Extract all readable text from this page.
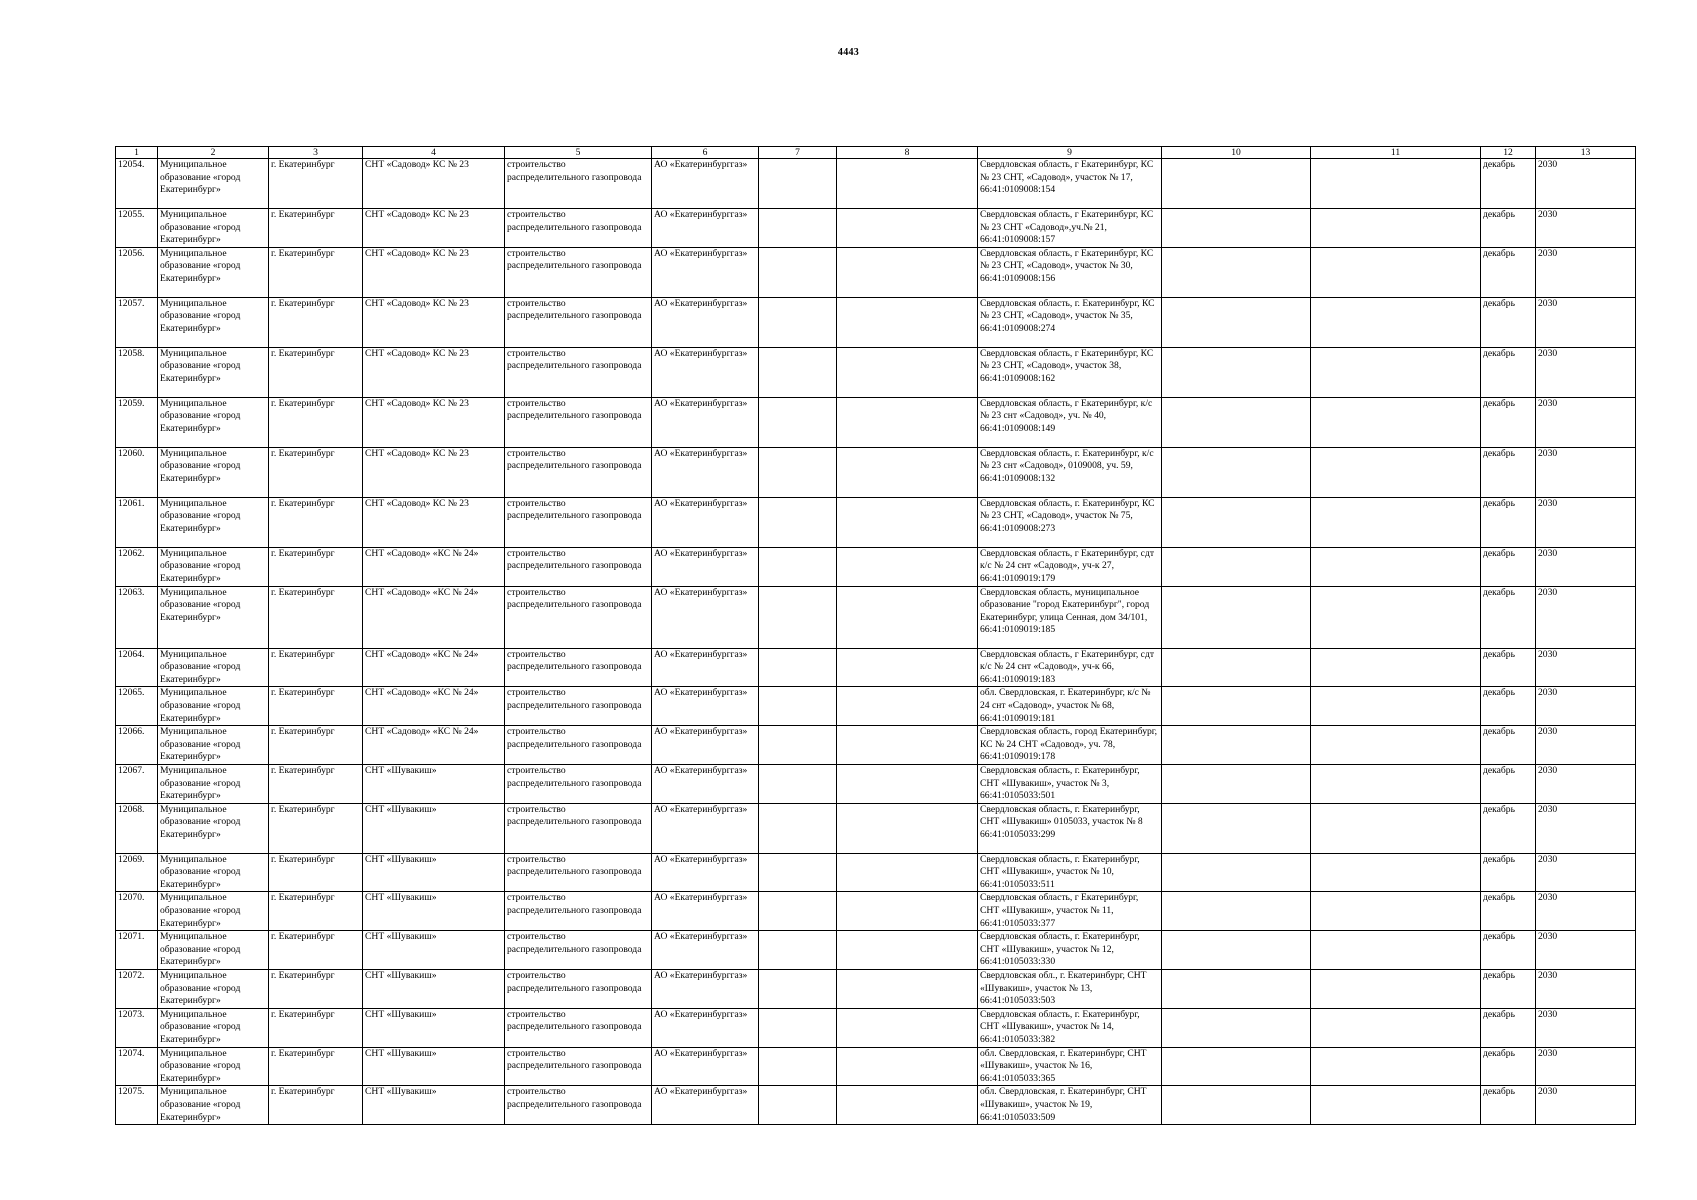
4443
1	2	3	4	5	6	7	8	9	10	11	12	13
12054.	Муниципальное образование «город Екатеринбург»	г. Екатеринбург	СНТ «Садовод» КС № 23	строительство распределительного газопровода	АО «Екатеринбурггаз»			Свердловская область, г Екатеринбург, КС № 23 СНТ, «Садовод», участок № 17, 66:41:0109008:154			декабрь	2030
12055.	Муниципальное образование «город Екатеринбург»	г. Екатеринбург	СНТ «Садовод» КС № 23	строительство распределительного газопровода	АО «Екатеринбурггаз»			Свердловская область, г Екатеринбург, КС № 23 СНТ «Садовод»,уч.№ 21, 66:41:0109008:157			декабрь	2030
12056.	Муниципальное образование «город Екатеринбург»	г. Екатеринбург	СНТ «Садовод» КС № 23	строительство распределительного газопровода	АО «Екатеринбурггаз»			Свердловская область, г Екатеринбург, КС № 23 СНТ, «Садовод», участок № 30, 66:41:0109008:156			декабрь	2030
12057.	Муниципальное образование «город Екатеринбург»	г. Екатеринбург	СНТ «Садовод» КС № 23	строительство распределительного газопровода	АО «Екатеринбурггаз»			Свердловская область, г. Екатеринбург, КС № 23 СНТ, «Садовод», участок № 35, 66:41:0109008:274			декабрь	2030
12058.	Муниципальное образование «город Екатеринбург»	г. Екатеринбург	СНТ «Садовод» КС № 23	строительство распределительного газопровода	АО «Екатеринбурггаз»			Свердловская область, г Екатеринбург, КС № 23 СНТ, «Садовод», участок 38, 66:41:0109008:162			декабрь	2030
12059.	Муниципальное образование «город Екатеринбург»	г. Екатеринбург	СНТ «Садовод» КС № 23	строительство распределительного газопровода	АО «Екатеринбурггаз»			Свердловская область, г Екатеринбург, к/с № 23 снт «Садовод», уч. № 40, 66:41:0109008:149			декабрь	2030
12060.	Муниципальное образование «город Екатеринбург»	г. Екатеринбург	СНТ «Садовод» КС № 23	строительство распределительного газопровода	АО «Екатеринбурггаз»			Свердловская область, г. Екатеринбург, к/с № 23 снт «Садовод», 0109008, уч. 59, 66:41:0109008:132			декабрь	2030
12061.	Муниципальное образование «город Екатеринбург»	г. Екатеринбург	СНТ «Садовод» КС № 23	строительство распределительного газопровода	АО «Екатеринбурггаз»			Свердловская область, г. Екатеринбург, КС № 23 СНТ, «Садовод», участок № 75, 66:41:0109008:273			декабрь	2030
12062.	Муниципальное образование «город Екатеринбург»	г. Екатеринбург	СНТ «Садовод» «КС № 24»	строительство распределительного газопровода	АО «Екатеринбурггаз»			Свердловская область, г Екатеринбург, сдт к/с № 24 снт «Садовод», уч-к 27, 66:41:0109019:179			декабрь	2030
12063.	Муниципальное образование «город Екатеринбург»	г. Екатеринбург	СНТ «Садовод» «КС № 24»	строительство распределительного газопровода	АО «Екатеринбурггаз»			Свердловская область, муниципальное образование "город Екатеринбург", город Екатеринбург, улица Сенная, дом 34/101, 66:41:0109019:185			декабрь	2030
12064.	Муниципальное образование «город Екатеринбург»	г. Екатеринбург	СНТ «Садовод» «КС № 24»	строительство распределительного газопровода	АО «Екатеринбурггаз»			Свердловская область, г Екатеринбург, сдт к/с № 24 снт «Садовод», уч-к 66, 66:41:0109019:183			декабрь	2030
12065.	Муниципальное образование «город Екатеринбург»	г. Екатеринбург	СНТ «Садовод» «КС № 24»	строительство распределительного газопровода	АО «Екатеринбурггаз»			обл. Свердловская, г. Екатеринбург, к/с № 24 снт «Садовод», участок № 68, 66:41:0109019:181			декабрь	2030
12066.	Муниципальное образование «город Екатеринбург»	г. Екатеринбург	СНТ «Садовод» «КС № 24»	строительство распределительного газопровода	АО «Екатеринбурггаз»			Свердловская область, город Екатеринбург, КС № 24 СНТ «Садовод», уч. 78, 66:41:0109019:178			декабрь	2030
12067.	Муниципальное образование «город Екатеринбург»	г. Екатеринбург	СНТ «Шувакиш»	строительство распределительного газопровода	АО «Екатеринбурггаз»			Свердловская область, г. Екатеринбург, СНТ «Шувакиш», участок № 3, 66:41:0105033:501			декабрь	2030
12068.	Муниципальное образование «город Екатеринбург»	г. Екатеринбург	СНТ «Шувакиш»	строительство распределительного газопровода	АО «Екатеринбурггаз»			Свердловская область, г. Екатеринбург, СНТ «Шувакиш» 0105033, участок № 8 66:41:0105033:299			декабрь	2030
12069.	Муниципальное образование «город Екатеринбург»	г. Екатеринбург	СНТ «Шувакиш»	строительство распределительного газопровода	АО «Екатеринбурггаз»			Свердловская область, г. Екатеринбург, СНТ «Шувакиш», участок № 10, 66:41:0105033:511			декабрь	2030
12070.	Муниципальное образование «город Екатеринбург»	г. Екатеринбург	СНТ «Шувакиш»	строительство распределительного газопровода	АО «Екатеринбурггаз»			Свердловская область, г Екатеринбург, СНТ «Шувакиш», участок № 11, 66:41:0105033:377			декабрь	2030
12071.	Муниципальное образование «город Екатеринбург»	г. Екатеринбург	СНТ «Шувакиш»	строительство распределительного газопровода	АО «Екатеринбурггаз»			Свердловская область, г. Екатеринбург, СНТ «Шувакиш», участок № 12, 66:41:0105033:330			декабрь	2030
12072.	Муниципальное образование «город Екатеринбург»	г. Екатеринбург	СНТ «Шувакиш»	строительство распределительного газопровода	АО «Екатеринбурггаз»			Свердловская обл., г. Екатеринбург, СНТ «Шувакиш», участок № 13, 66:41:0105033:503			декабрь	2030
12073.	Муниципальное образование «город Екатеринбург»	г. Екатеринбург	СНТ «Шувакиш»	строительство распределительного газопровода	АО «Екатеринбурггаз»			Свердловская область, г. Екатеринбург, СНТ «Шувакиш», участок № 14, 66:41:0105033:382			декабрь	2030
12074.	Муниципальное образование «город Екатеринбург»	г. Екатеринбург	СНТ «Шувакиш»	строительство распределительного газопровода	АО «Екатеринбурггаз»			обл. Свердловская, г. Екатеринбург, СНТ «Шувакиш», участок № 16, 66:41:0105033:365			декабрь	2030
12075.	Муниципальное образование «город Екатеринбург»	г. Екатеринбург	СНТ «Шувакиш»	строительство распределительного газопровода	АО «Екатеринбурггаз»			обл. Свердловская, г. Екатеринбург, СНТ «Шувакиш», участок № 19, 66:41:0105033:509			декабрь	2030
